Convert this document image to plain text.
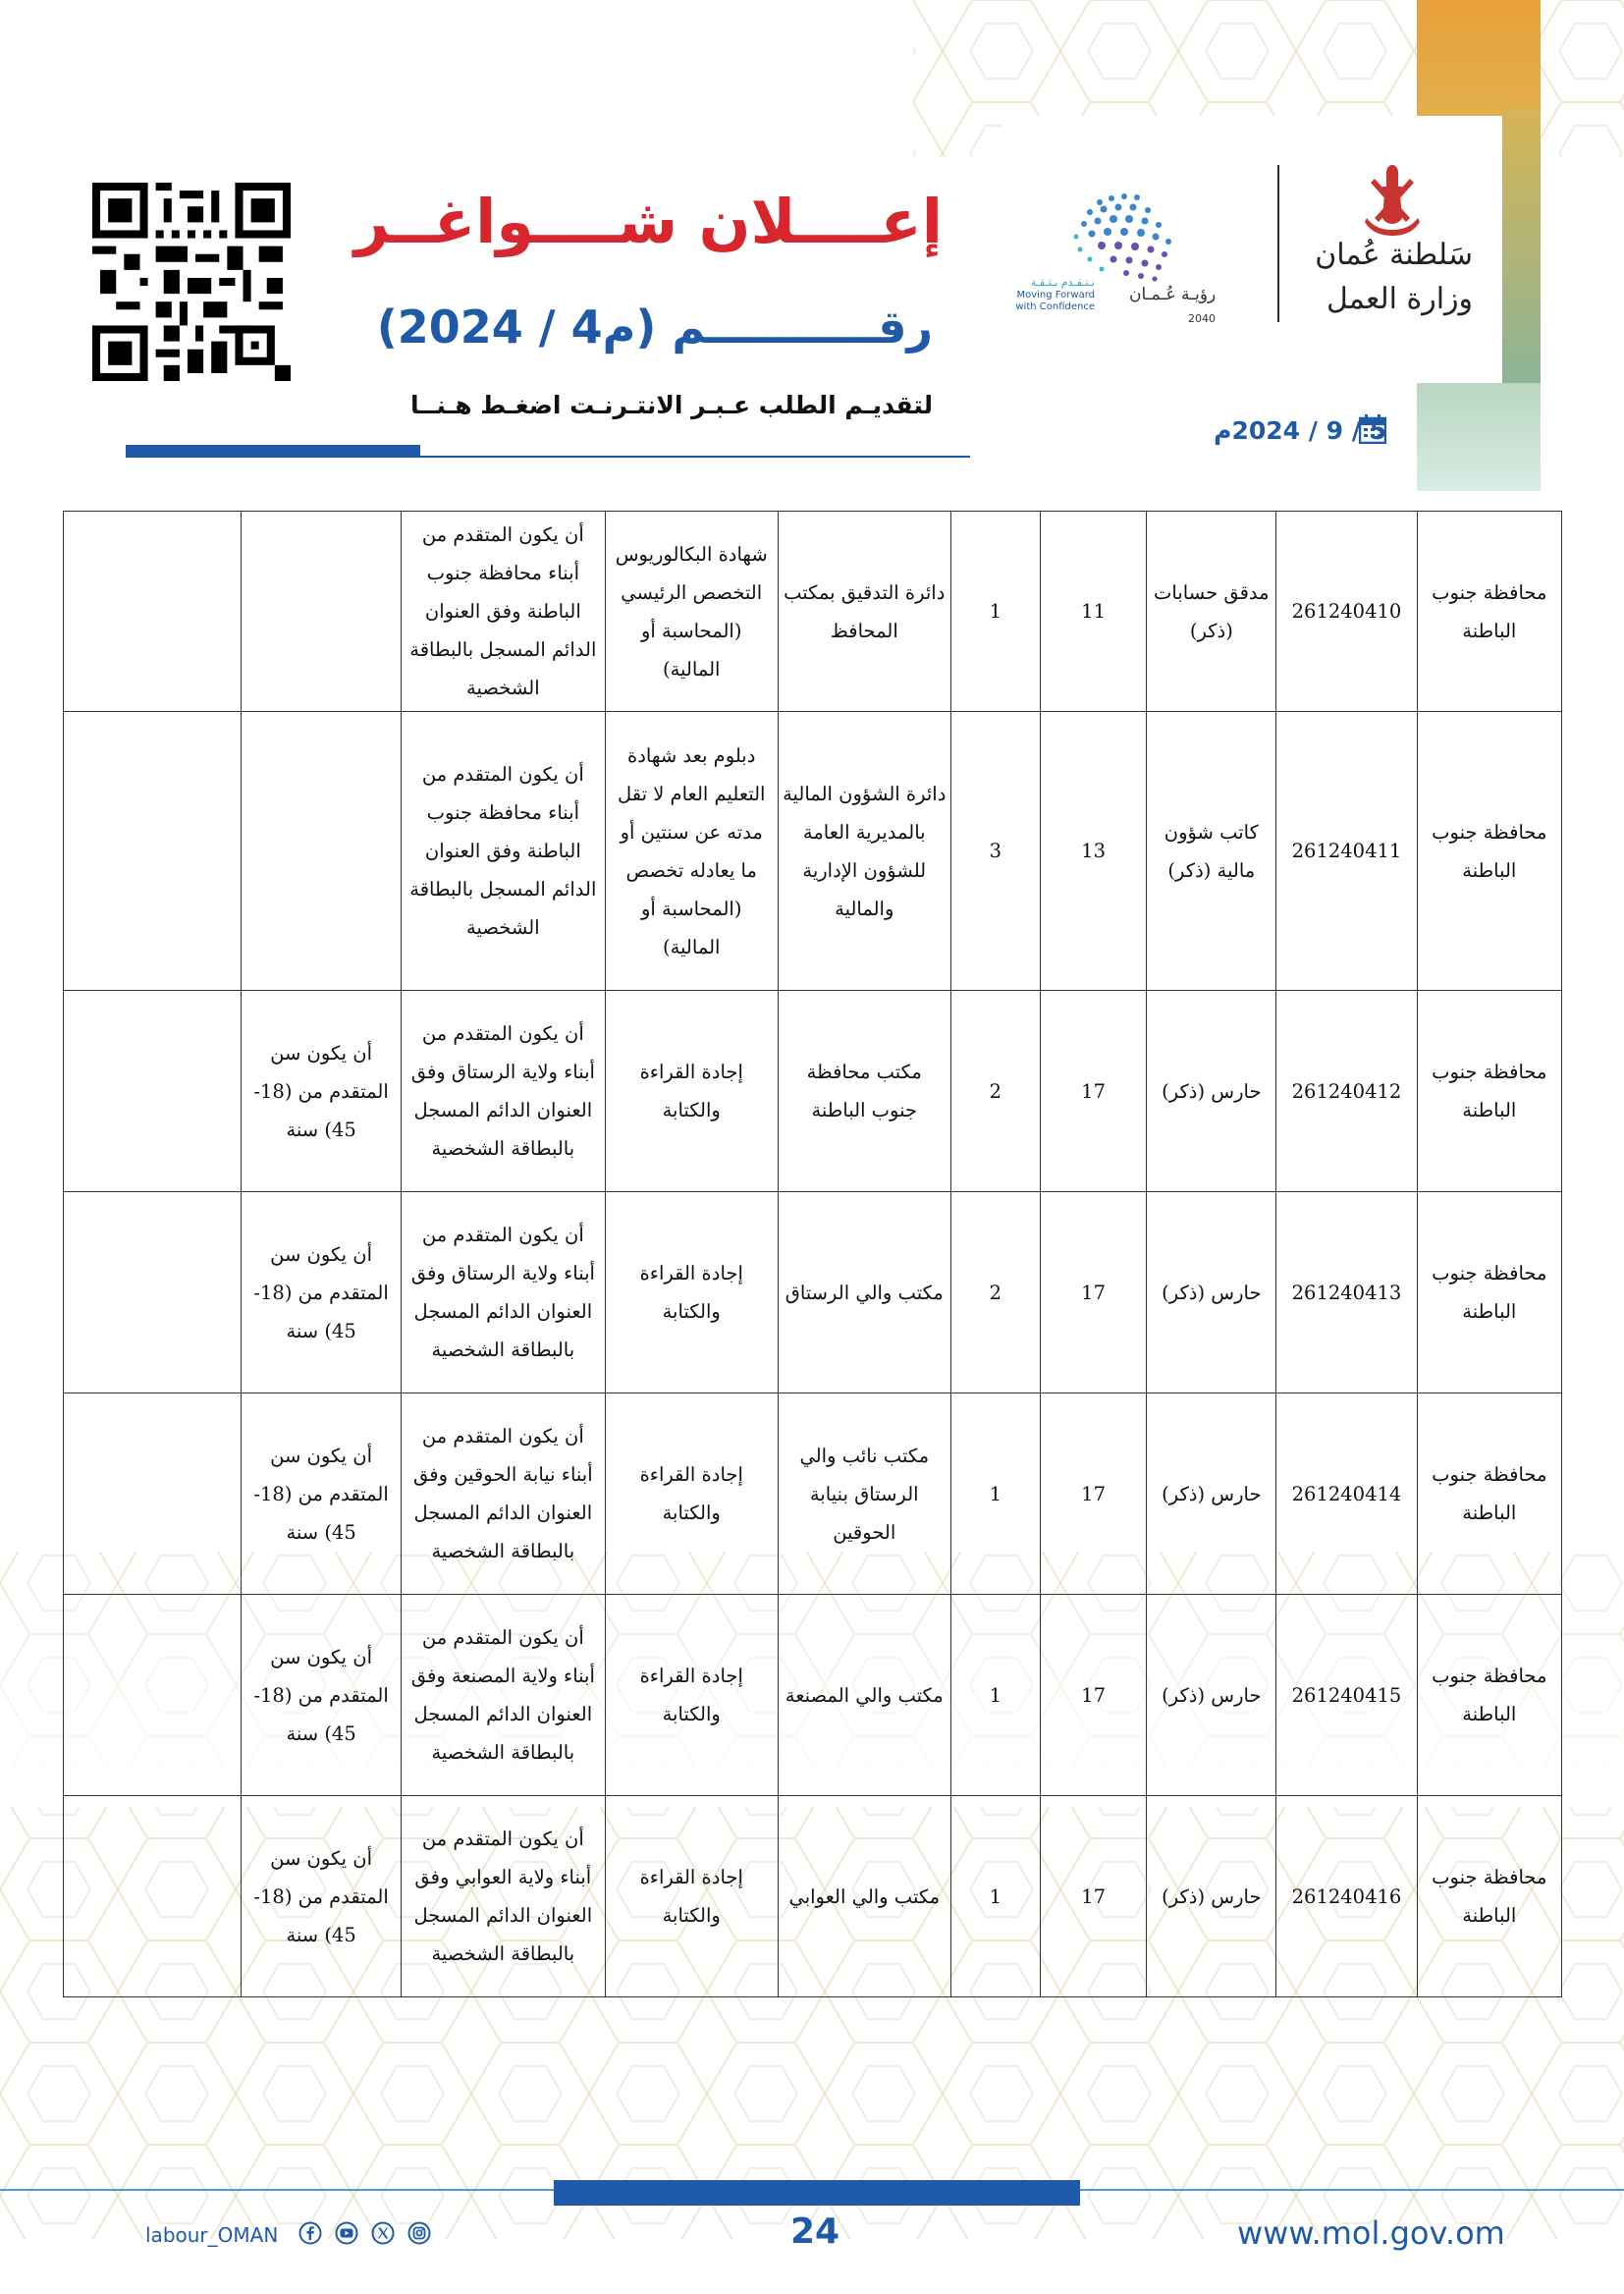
إعــــلان شــــواغــر
رقـــــــــــم (م4 / 2024)
لتقديـم الطلب عـبـر الانتـرنـت اضغـط هـنــا
5 / 9 / 2024م
رؤيـة عُـمـان
2040
نـتـقـدم بـثـقـة
Moving Forward
with Confidence
سَلطنة عُمان
وزارة العمل
محافظة جنوب الباطنة	261240410	مدقق حسابات (ذكر)	11	1	دائرة التدقيق بمكتب المحافظ	شهادة البكالوريوس التخصص الرئيسي (المحاسبة أو المالية)	أن يكون المتقدم من أبناء محافظة جنوب الباطنة وفق العنوان الدائم المسجل بالبطاقة الشخصية		
محافظة جنوب الباطنة	261240411	كاتب شؤون مالية (ذكر)	13	3	دائرة الشؤون المالية بالمديرية العامة للشؤون الإدارية والمالية	دبلوم بعد شهادة التعليم العام لا تقل مدته عن سنتين أو ما يعادله تخصص (المحاسبة أو المالية)	أن يكون المتقدم من أبناء محافظة جنوب الباطنة وفق العنوان الدائم المسجل بالبطاقة الشخصية		
محافظة جنوب الباطنة	261240412	حارس (ذكر)	17	2	مكتب محافظة جنوب الباطنة	إجادة القراءة والكتابة	أن يكون المتقدم من أبناء ولاية الرستاق وفق العنوان الدائم المسجل بالبطاقة الشخصية	أن يكون سن المتقدم من (18-45) سنة	
محافظة جنوب الباطنة	261240413	حارس (ذكر)	17	2	مكتب والي الرستاق	إجادة القراءة والكتابة	أن يكون المتقدم من أبناء ولاية الرستاق وفق العنوان الدائم المسجل بالبطاقة الشخصية	أن يكون سن المتقدم من (18-45) سنة	
محافظة جنوب الباطنة	261240414	حارس (ذكر)	17	1	مكتب نائب والي الرستاق بنيابة الحوقين	إجادة القراءة والكتابة	أن يكون المتقدم من أبناء نيابة الحوقين وفق العنوان الدائم المسجل بالبطاقة الشخصية	أن يكون سن المتقدم من (18-45) سنة	
محافظة جنوب الباطنة	261240415	حارس (ذكر)	17	1	مكتب والي المصنعة	إجادة القراءة والكتابة	أن يكون المتقدم من أبناء ولاية المصنعة وفق العنوان الدائم المسجل بالبطاقة الشخصية	أن يكون سن المتقدم من (18-45) سنة	
محافظة جنوب الباطنة	261240416	حارس (ذكر)	17	1	مكتب والي العوابي	إجادة القراءة والكتابة	أن يكون المتقدم من أبناء ولاية العوابي وفق العنوان الدائم المسجل بالبطاقة الشخصية	أن يكون سن المتقدم من (18-45) سنة	
labour_OMAN	24	www.mol.gov.om
